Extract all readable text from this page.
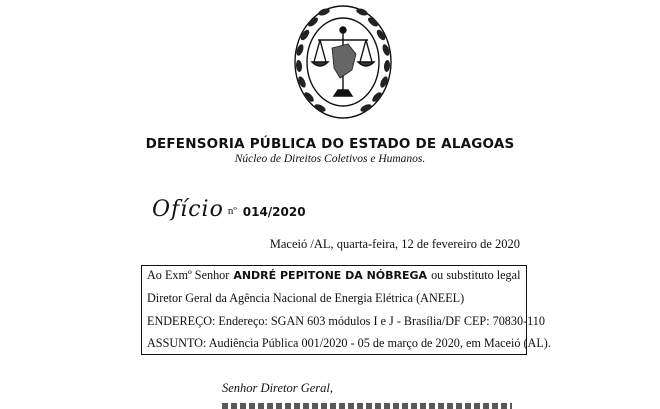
DEFENSORIA PÚBLICA DO ESTADO DE ALAGOAS
Núcleo de Direitos Coletivos e Humanos.
Ofício nº 014/2020
Maceió /AL, quarta-feira, 12 de fevereiro de 2020
Ao Exmº Senhor ANDRÉ PEPITONE DA NÓBREGA ou substituto legal
Diretor Geral da Agência Nacional de Energia Elétrica (ANEEL)
ENDEREÇO: Endereço: SGAN 603 módulos I e J - Brasília/DF CEP: 70830-110
ASSUNTO: Audiência Pública 001/2020 - 05 de março de 2020, em Maceió (AL).
Senhor Diretor Geral,
